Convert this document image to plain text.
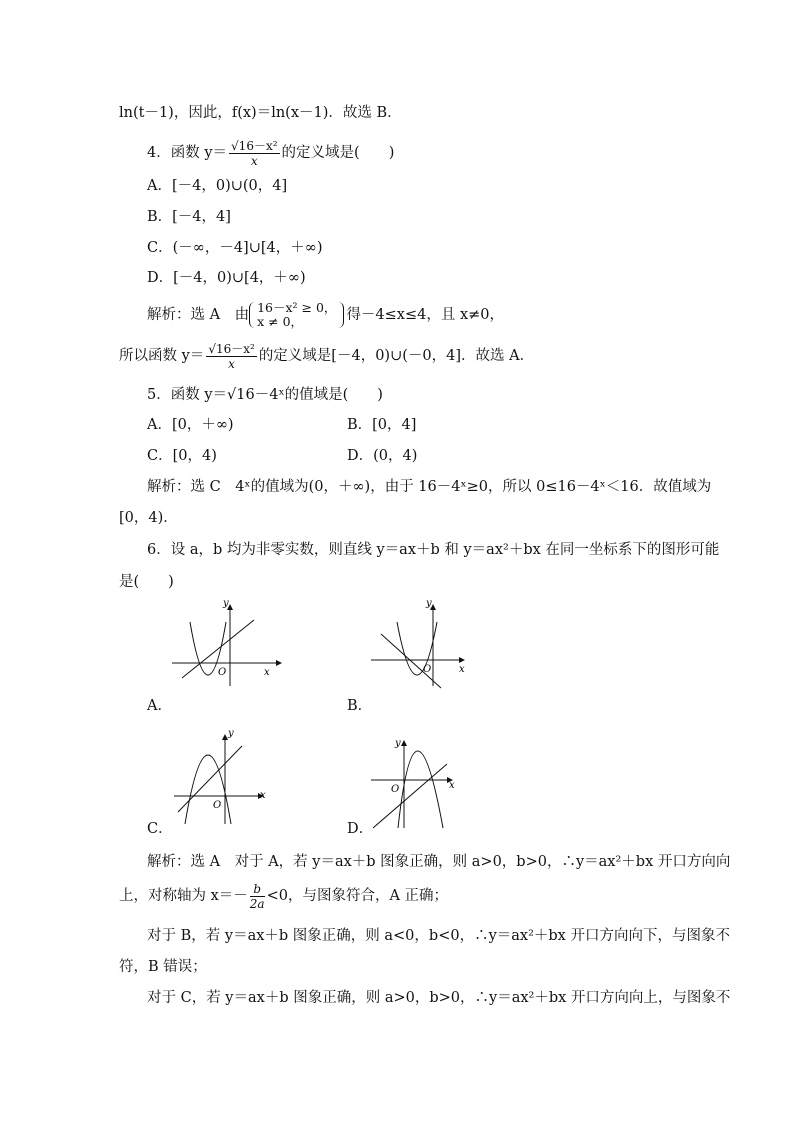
ln(t－1)，因此，f(x)＝ln(x－1)．故选 B．
4．函数 $y= \frac{\text{√16－x²}}{x}$ 的定义域是(　　)
A．[－4，0)∪(0，4]
B．[－4，4]
C．(－∞，－4]∪[4，＋∞)
D．[－4，0)∪[4，＋∞)
解析：选 A　由 16－x² ≥ 0，
x ≠ 0，	得－4≤x≤4，且 x≠0，
所以函数 $y= \frac{\text{√16－x²}}{x}$ 的定义域是[－4，0)∪(－0，4]．故选 A．
5．函数 y＝√16－4ˣ的值域是(　　)
A．[0，＋∞)	B．[0，4]
C．[0，4)	D．(0，4)
解析：选 C　4ˣ的值域为(0，＋∞)，由于 16－4ˣ≥0，所以 0≤16－4ˣ＜16．故值域为
[0，4)．
6．设 a，b 均为非零实数，则直线 y＝ax＋b 和 y＝ax²＋bx 在同一坐标系下的图形可能
是(　　)
y
x
O
A．
y
x
O
B．
y
x
O
C．
y
x
O
D．
解析：选 A　对于 A，若 y＝ax＋b 图象正确，则 a>0，b>0，∴y＝ax²＋bx 开口方向向
上，对称轴为 $x=- \frac{b}{2a} <0$，与图象符合，A 正确；
对于 B，若 y＝ax＋b 图象正确，则 a<0，b<0，∴y＝ax²＋bx 开口方向向下，与图象不
符，B 错误；
对于 C，若 y＝ax＋b 图象正确，则 a>0，b>0，∴y＝ax²＋bx 开口方向向上，与图象不
